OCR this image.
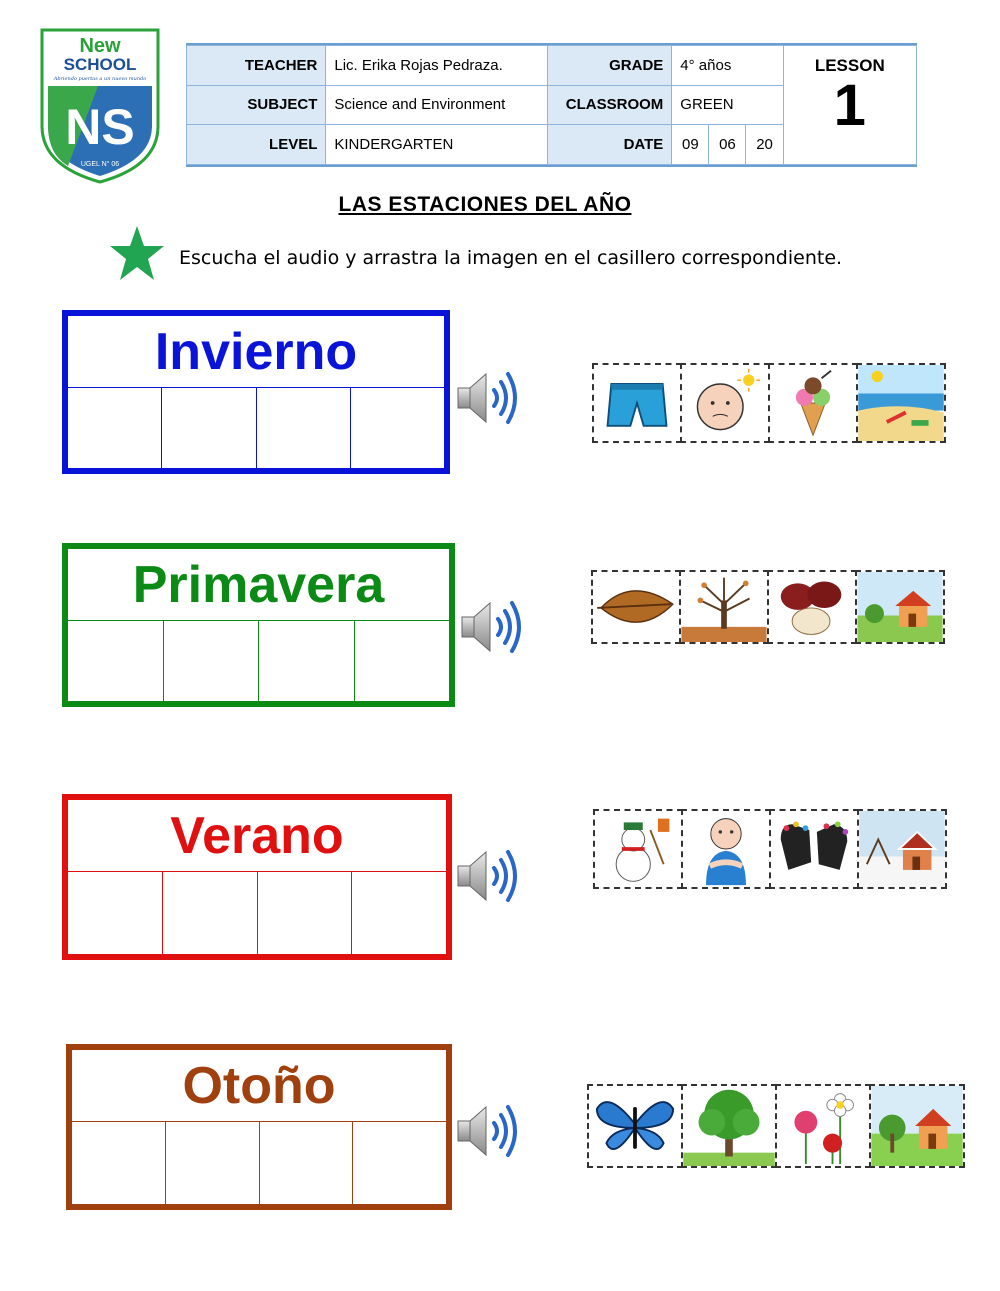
New
SCHOOL
Abriendo puertas a un nuevo mundo
NS
UGEL N° 06
TEACHER	Lic. Erika Rojas Pedraza.	GRADE	4° años			LESSON
1

SUBJECT	Science and Environment	CLASSROOM	GREEN			
LEVEL	KINDERGARTEN	DATE	09	06	20	
LAS ESTACIONES DEL AÑO
Escucha el audio y arrastra la imagen en el casillero correspondiente.
Invierno
Primavera
Verano
Otoño
